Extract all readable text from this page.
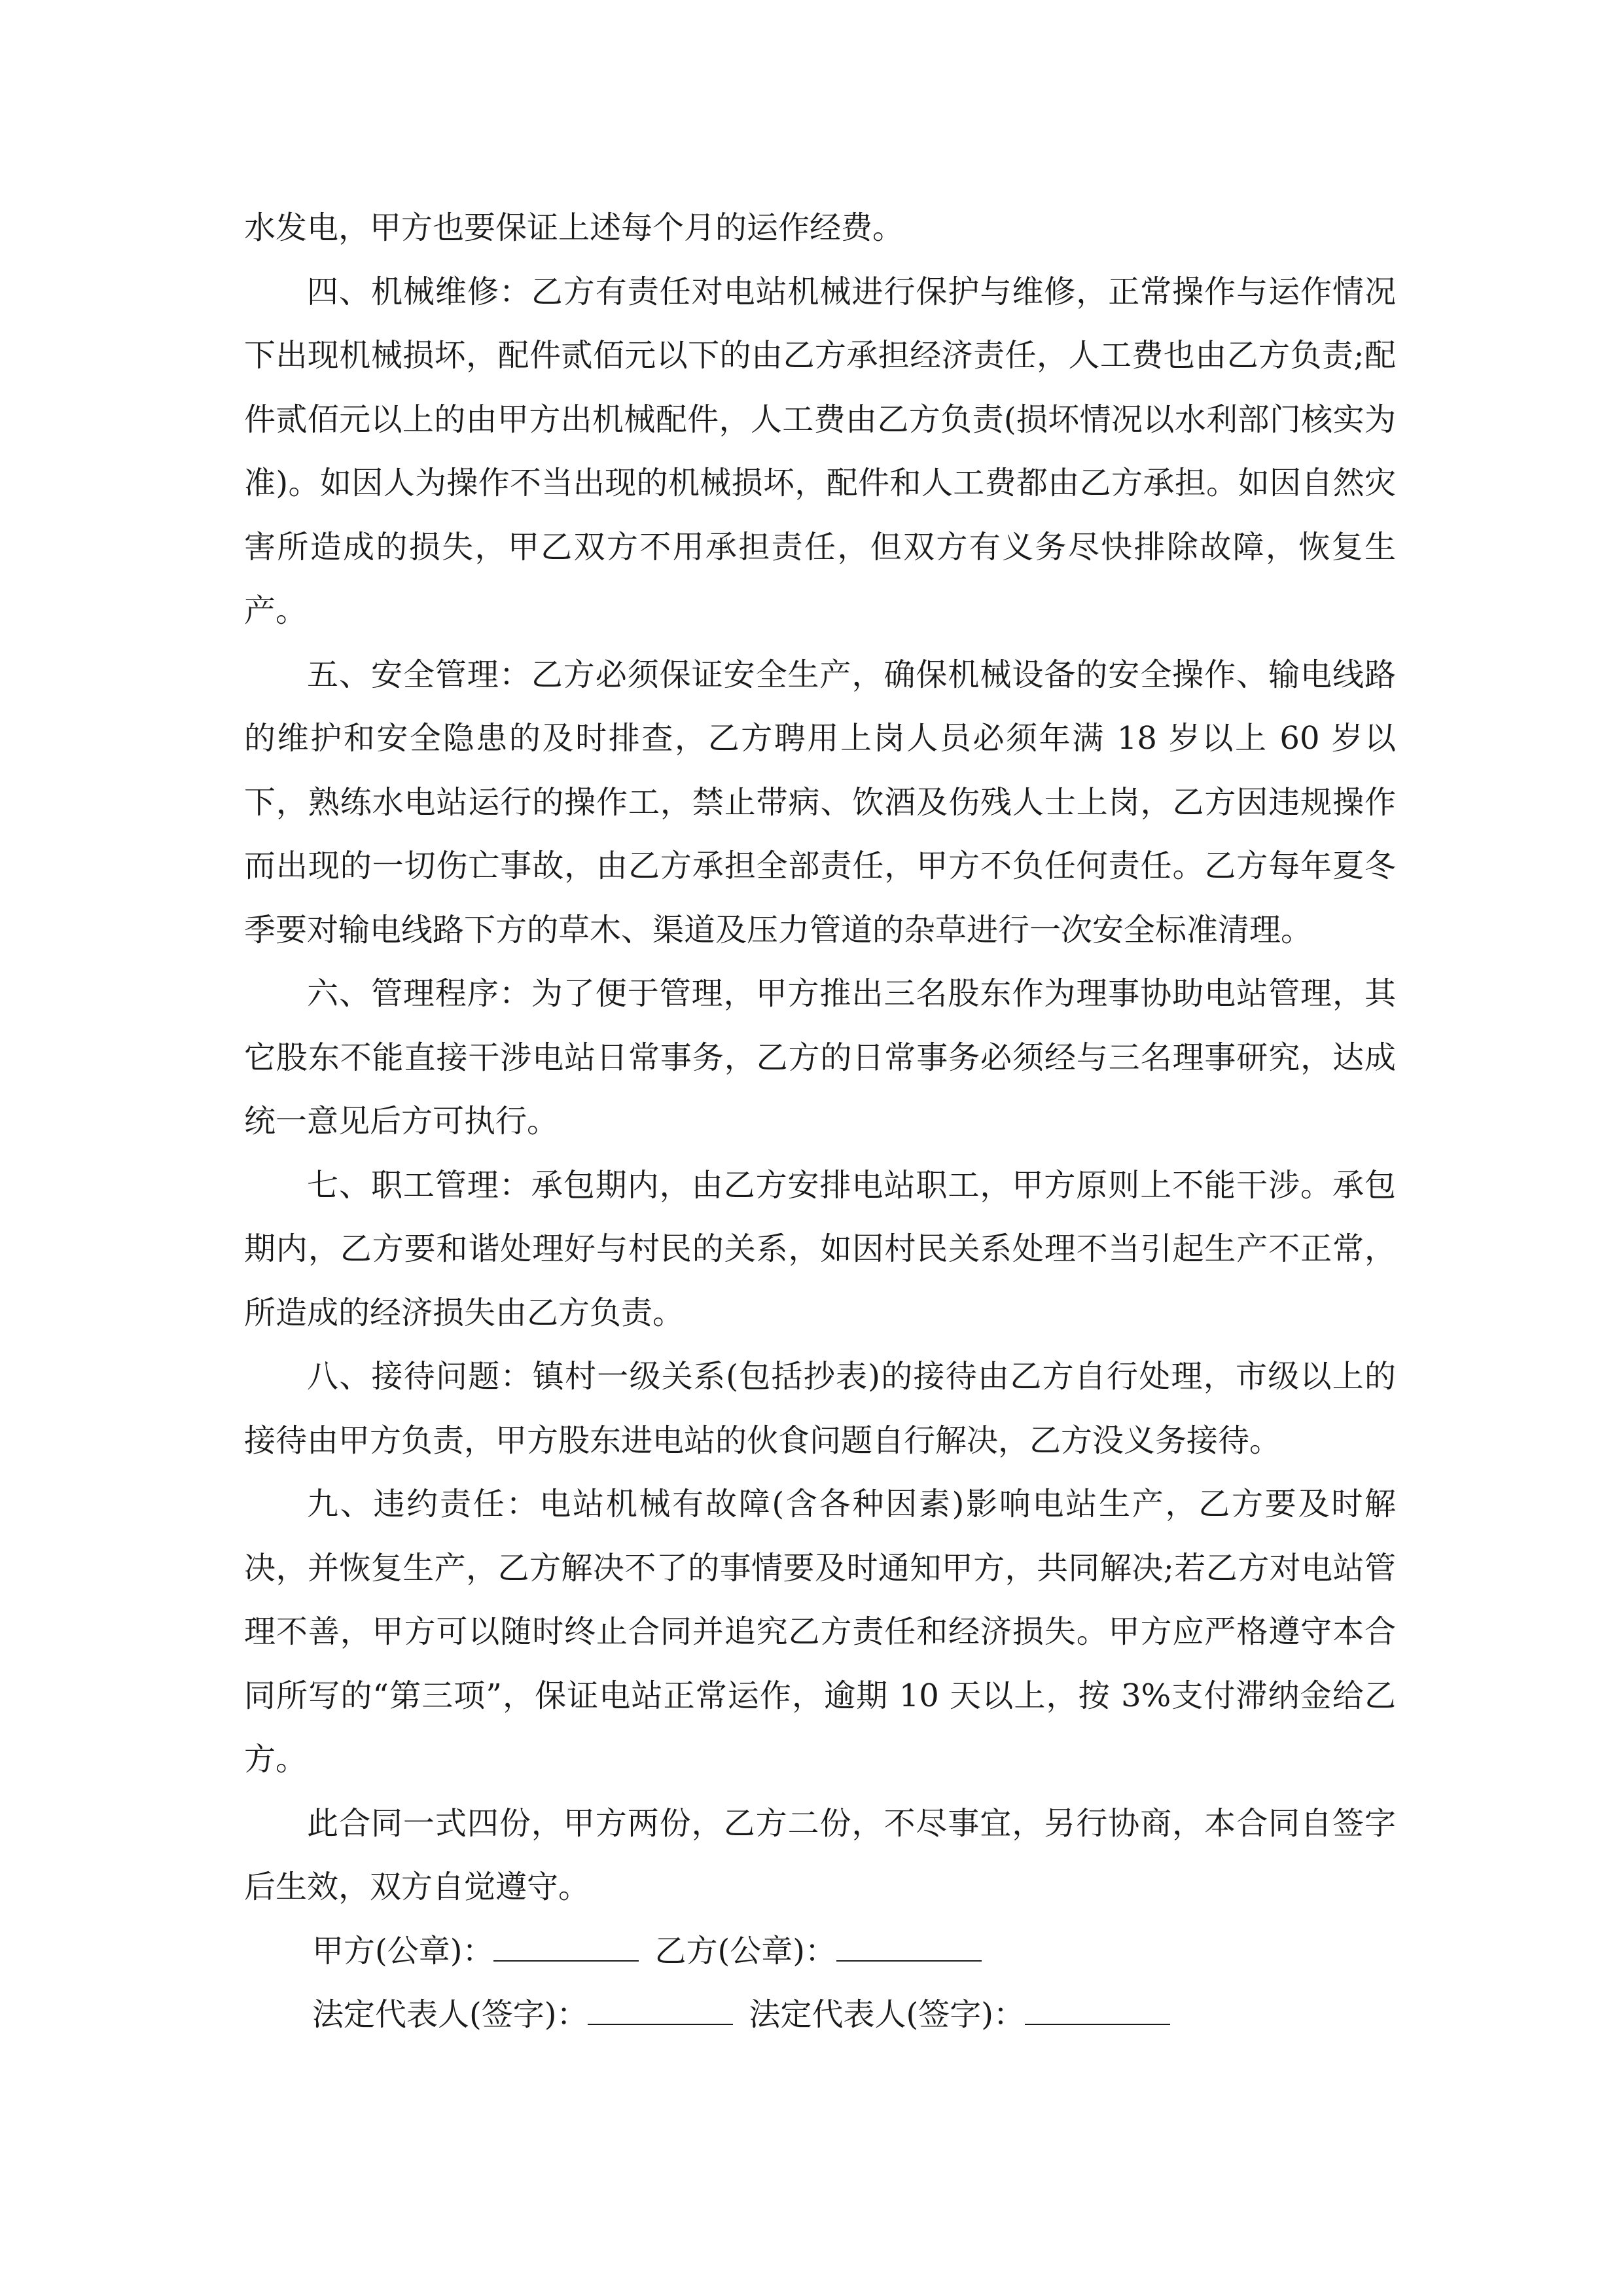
水发电，甲方也要保证上述每个月的运作经费。

四、机械维修：乙方有责任对电站机械进行保护与维修，正常操作与运作情况下出现机械损坏，配件贰佰元以下的由乙方承担经济责任，人工费也由乙方负责;配件贰佰元以上的由甲方出机械配件，人工费由乙方负责(损坏情况以水利部门核实为准)。如因人为操作不当出现的机械损坏，配件和人工费都由乙方承担。如因自然灾害所造成的损失，甲乙双方不用承担责任，但双方有义务尽快排除故障，恢复生产。

五、安全管理：乙方必须保证安全生产，确保机械设备的安全操作、输电线路的维护和安全隐患的及时排查，乙方聘用上岗人员必须年满 18 岁以上 60 岁以下，熟练水电站运行的操作工，禁止带病、饮酒及伤残人士上岗，乙方因违规操作而出现的一切伤亡事故，由乙方承担全部责任，甲方不负任何责任。乙方每年夏冬季要对输电线路下方的草木、渠道及压力管道的杂草进行一次安全标准清理。

六、管理程序：为了便于管理，甲方推出三名股东作为理事协助电站管理，其它股东不能直接干涉电站日常事务，乙方的日常事务必须经与三名理事研究，达成统一意见后方可执行。

七、职工管理：承包期内，由乙方安排电站职工，甲方原则上不能干涉。承包期内，乙方要和谐处理好与村民的关系，如因村民关系处理不当引起生产不正常，所造成的经济损失由乙方负责。

八、接待问题：镇村一级关系(包括抄表)的接待由乙方自行处理，市级以上的接待由甲方负责，甲方股东进电站的伙食问题自行解决，乙方没义务接待。

九、违约责任：电站机械有故障(含各种因素)影响电站生产，乙方要及时解决，并恢复生产，乙方解决不了的事情要及时通知甲方，共同解决;若乙方对电站管理不善，甲方可以随时终止合同并追究乙方责任和经济损失。甲方应严格遵守本合同所写的“第三项”，保证电站正常运作，逾期 10 天以上，按 3%支付滞纳金给乙方。

此合同一式四份，甲方两份，乙方二份，不尽事宜，另行协商，本合同自签字后生效，双方自觉遵守。

甲方(公章)：	乙方(公章)：

法定代表人(签字)：	法定代表人(签字)：
